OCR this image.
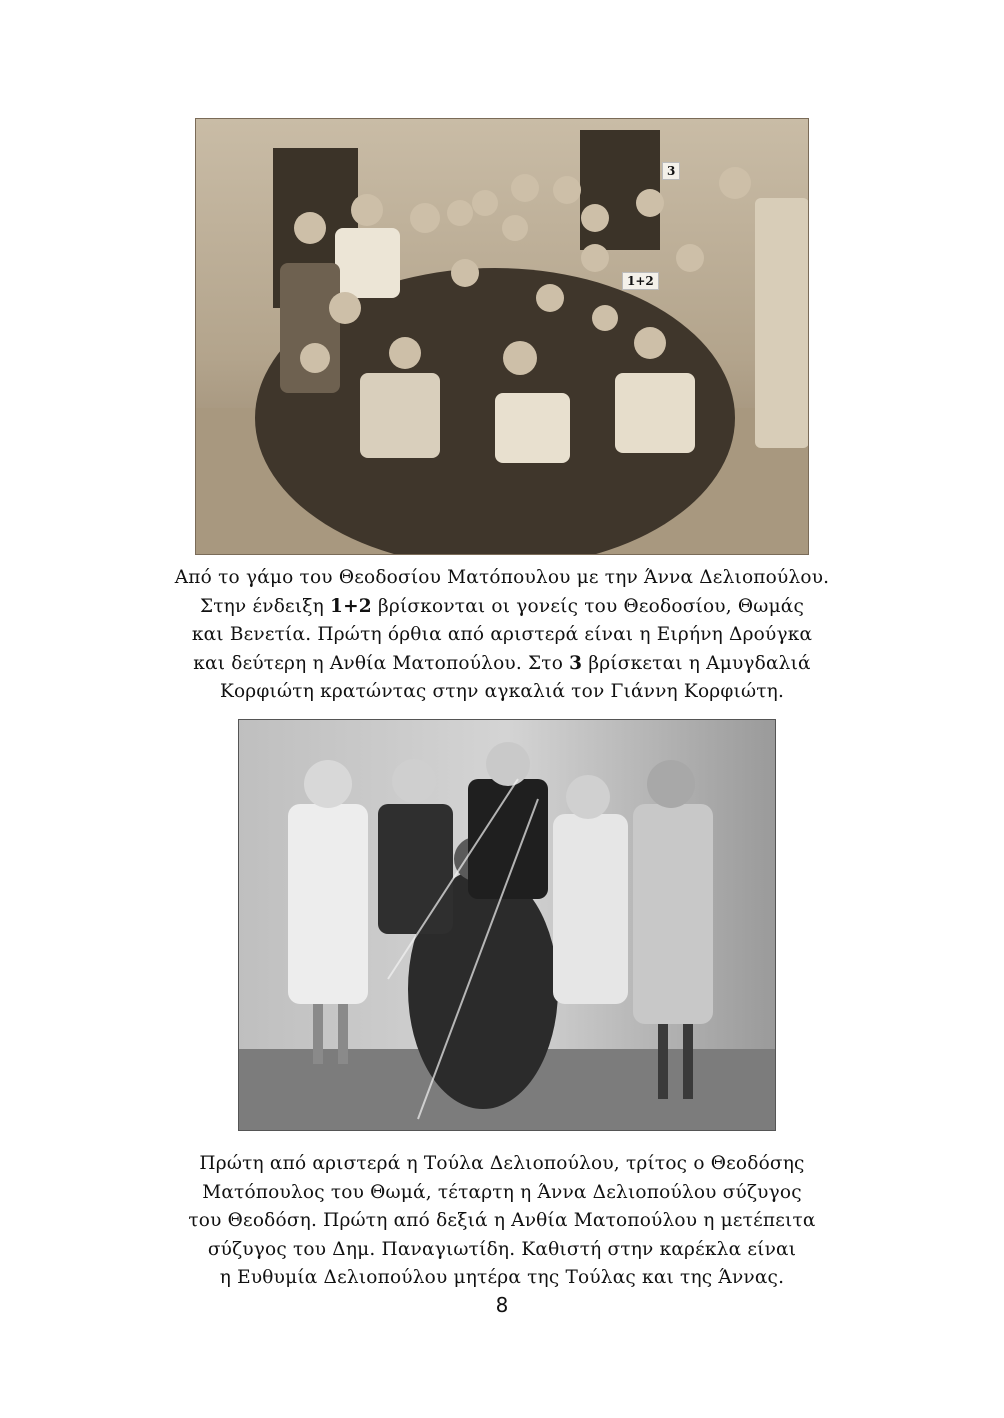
3
1+2
Από το γάμο του Θεοδοσίου Ματόπουλου με την Άννα Δελιοπούλου.
Στην ένδειξη 1+2 βρίσκονται οι γονείς του Θεοδοσίου, Θωμάς
και Βενετία. Πρώτη όρθια από αριστερά είναι η Ειρήνη Δρούγκα
και δεύτερη η Ανθία Ματοπούλου. Στο 3 βρίσκεται η Αμυγδαλιά
Κορφιώτη κρατώντας στην αγκαλιά τον Γιάννη Κορφιώτη.
Πρώτη από αριστερά η Τούλα Δελιοπούλου, τρίτος ο Θεοδόσης
Ματόπουλος του Θωμά, τέταρτη η Άννα Δελιοπούλου σύζυγος
του Θεοδόση. Πρώτη από δεξιά η Ανθία Ματοπούλου η μετέπειτα
σύζυγος του Δημ. Παναγιωτίδη. Καθιστή στην καρέκλα είναι
η Ευθυμία Δελιοπούλου μητέρα της Τούλας και της Άννας.
8
